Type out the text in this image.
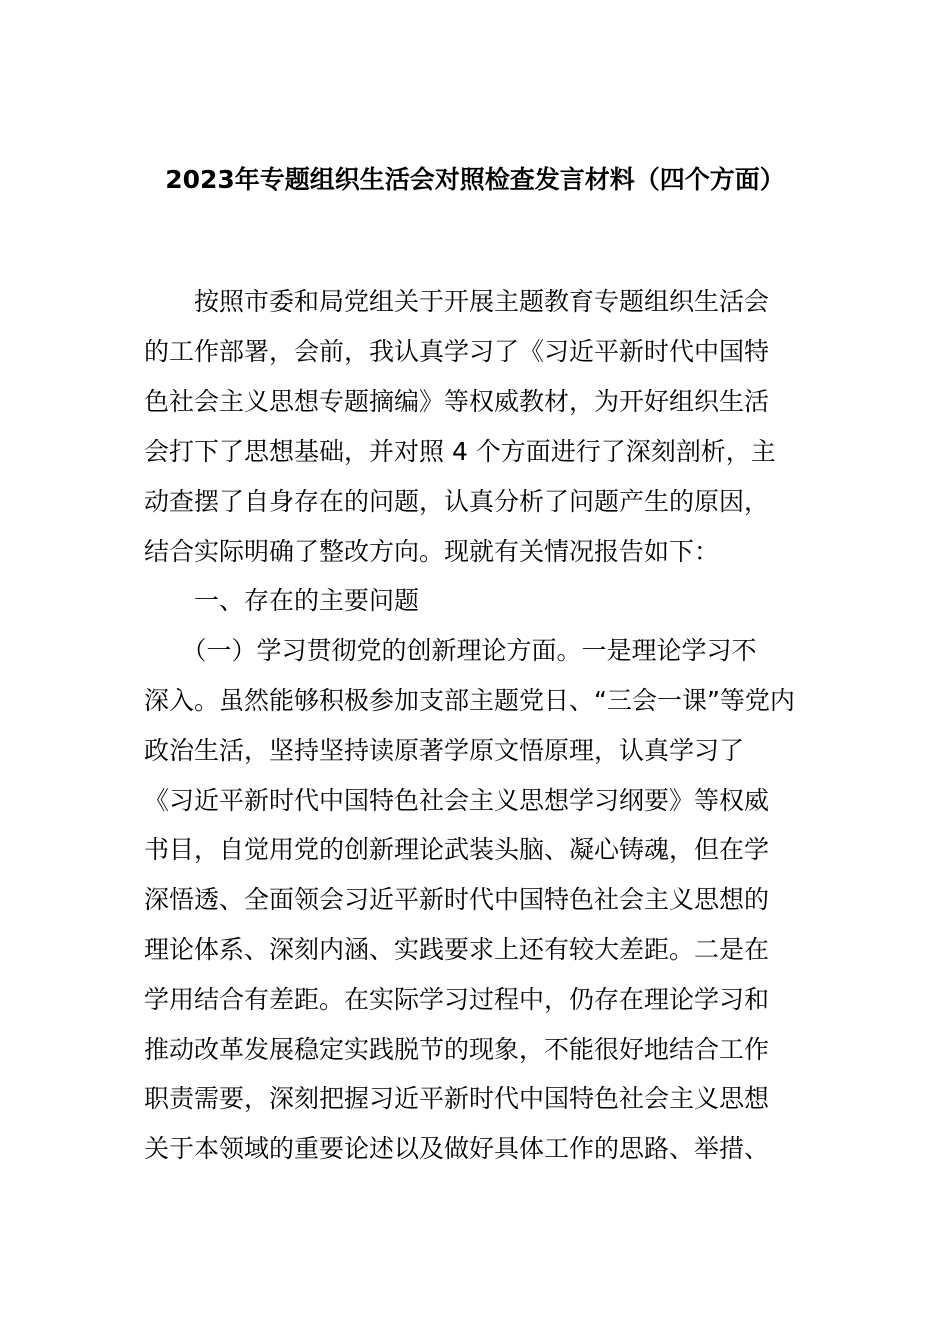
2023年专题组织生活会对照检查发言材料（四个方面）
　　按照市委和局党组关于开展主题教育专题组织生活会
的工作部署，会前，我认真学习了《习近平新时代中国特
色社会主义思想专题摘编》等权威教材，为开好组织生活
会打下了思想基础，并对照 4 个方面进行了深刻剖析，主
动查摆了自身存在的问题，认真分析了问题产生的原因，
结合实际明确了整改方向。现就有关情况报告如下：
　　一、存在的主要问题
　　（一）学习贯彻党的创新理论方面。一是理论学习不
深入。虽然能够积极参加支部主题党日、“三会一课”等党内
政治生活，坚持坚持读原著学原文悟原理，认真学习了
《习近平新时代中国特色社会主义思想学习纲要》等权威
书目，自觉用党的创新理论武装头脑、凝心铸魂，但在学
深悟透、全面领会习近平新时代中国特色社会主义思想的
理论体系、深刻内涵、实践要求上还有较大差距。二是在
学用结合有差距。在实际学习过程中，仍存在理论学习和
推动改革发展稳定实践脱节的现象，不能很好地结合工作
职责需要，深刻把握习近平新时代中国特色社会主义思想
关于本领域的重要论述以及做好具体工作的思路、举措、
